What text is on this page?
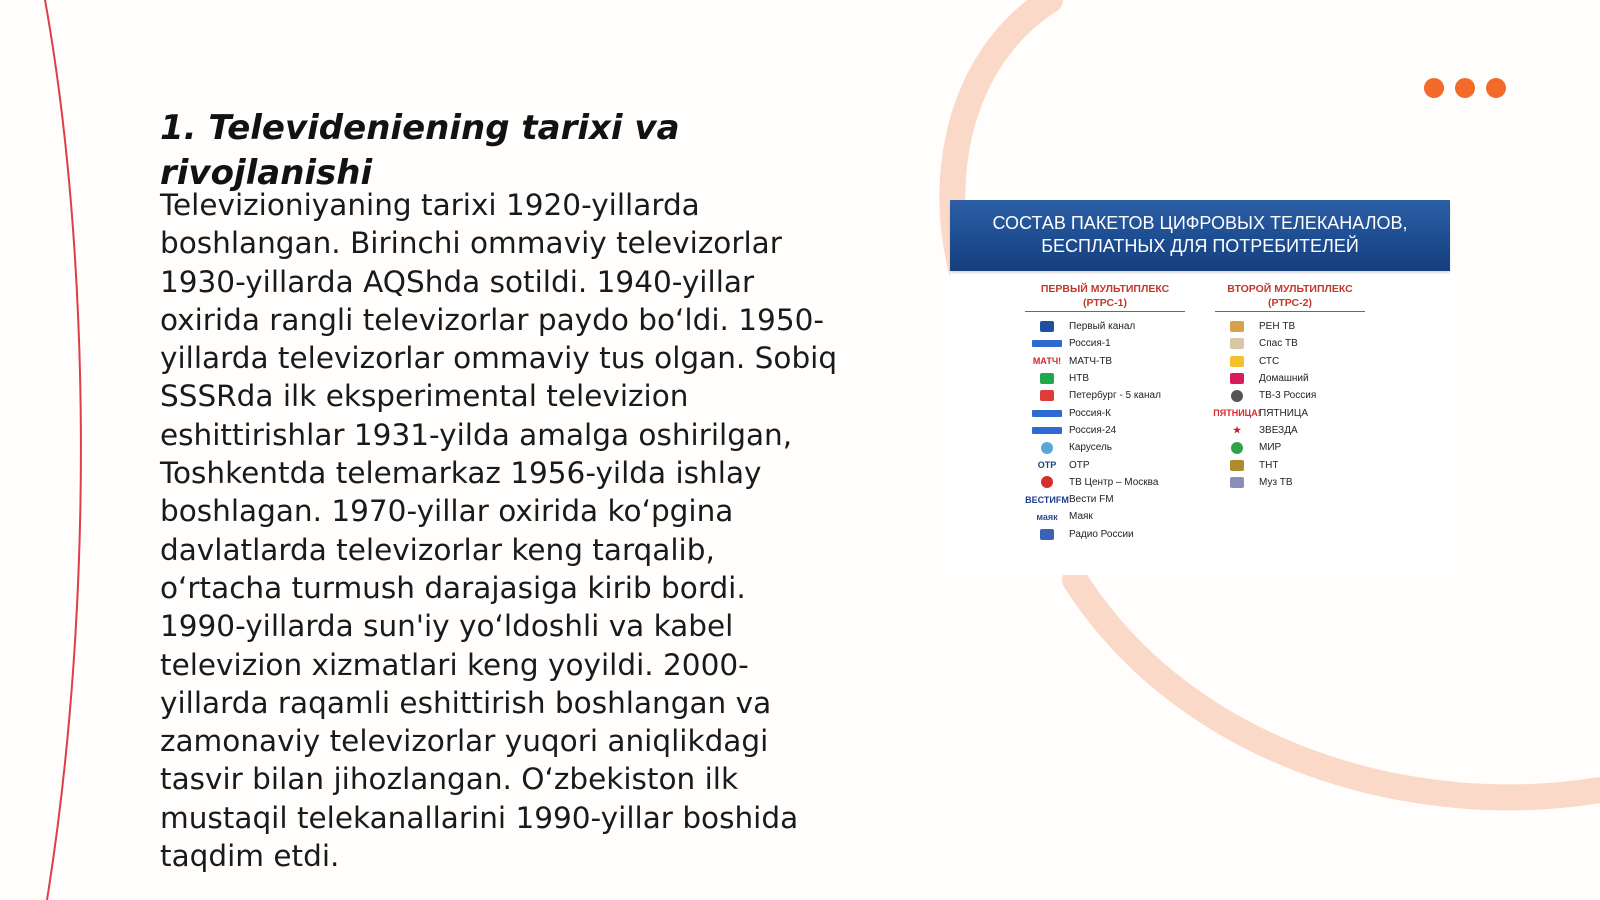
1. Televideniening tarixi va rivojlanishi

Televizioniyaning tarixi 1920-yillarda boshlangan. Birinchi ommaviy televizorlar 1930-yillarda AQShda sotildi. 1940-yillar oxirida rangli televizorlar paydo bo‘ldi. 1950-yillarda televizorlar ommaviy tus olgan. Sobiq SSSRda ilk eksperimental televizion eshittirishlar 1931-yilda amalga oshirilgan, Toshkentda telemarkaz 1956-yilda ishlay boshlagan. 1970-yillar oxirida ko‘pgina davlatlarda televizorlar keng tarqalib, o‘rtacha turmush darajasiga kirib bordi. 1990-yillarda sun'iy yo‘ldoshli va kabel televizion xizmatlari keng yoyildi. 2000-yillarda raqamli eshittirish boshlangan va zamonaviy televizorlar yuqori aniqlikdagi tasvir bilan jihozlangan. O‘zbekiston ilk mustaqil telekanallarini 1990-yillar boshida taqdim etdi.

СОСТАВ ПАКЕТОВ ЦИФРОВЫХ ТЕЛЕКАНАЛОВ,
БЕСПЛАТНЫХ ДЛЯ ПОТРЕБИТЕЛЕЙ
ПЕРВЫЙ МУЛЬТИПЛЕКС
(РТРС-1)
Первый канал
Россия-1
МАТЧ! МАТЧ-ТВ
НТВ
Петербург - 5 канал
Россия-К
Россия-24
Карусель
ОТР ОТР
ТВ Центр – Москва
ВЕСТИFM Вести FM
маяк Маяк
Радио России
ВТОРОЙ МУЛЬТИПЛЕКС
(РТРС-2)
РЕН ТВ
Спас ТВ
СТС
Домашний
ТВ-3 Россия
ПЯТНИЦА!
ПЯТНИЦА
★ ЗВЕЗДА
МИР
ТНТ
Муз ТВ
